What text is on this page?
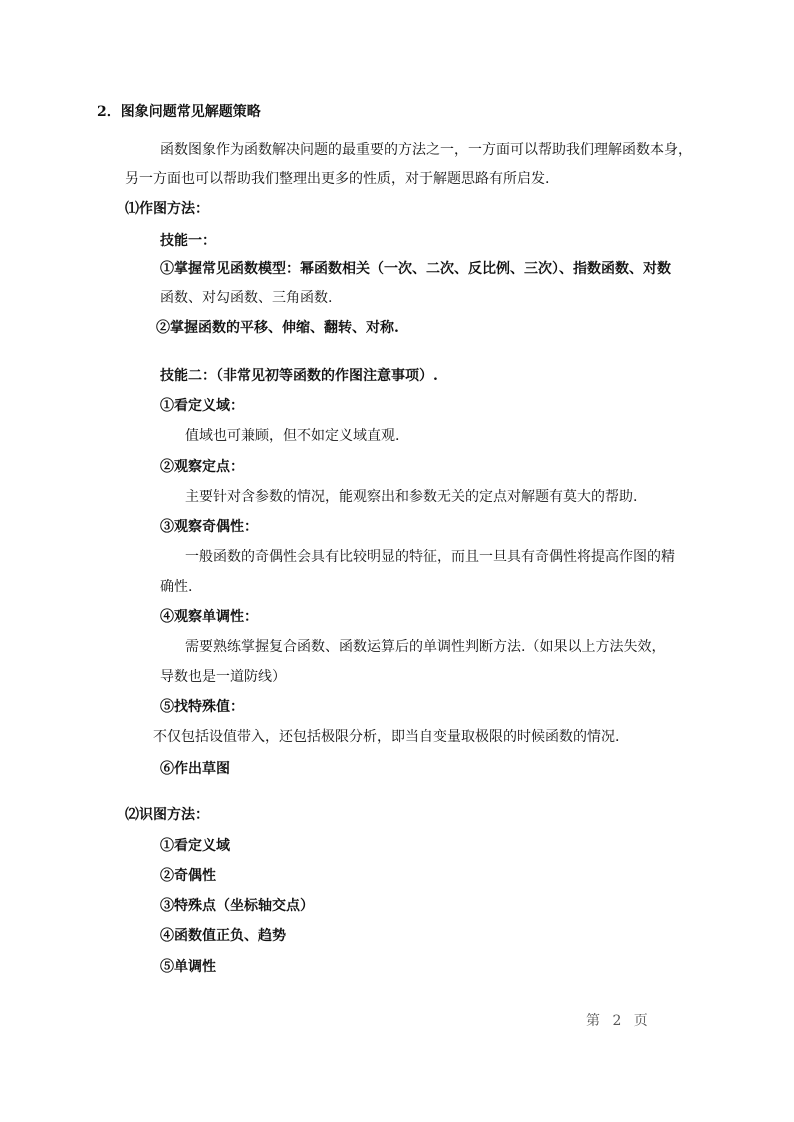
2．图象问题常见解题策略
函数图象作为函数解决问题的最重要的方法之一，一方面可以帮助我们理解函数本身，
另一方面也可以帮助我们整理出更多的性质，对于解题思路有所启发.
⑴作图方法：
技能一：
①掌握常见函数模型：幂函数相关（一次、二次、反比例、三次）、指数函数、对数
函数、对勾函数、三角函数.
②掌握函数的平移、伸缩、翻转、对称.
技能二：（非常见初等函数的作图注意事项）.
①看定义域：
值域也可兼顾，但不如定义域直观.
②观察定点：
主要针对含参数的情况，能观察出和参数无关的定点对解题有莫大的帮助.
③观察奇偶性：
一般函数的奇偶性会具有比较明显的特征，而且一旦具有奇偶性将提高作图的精
确性.
④观察单调性：
需要熟练掌握复合函数、函数运算后的单调性判断方法.（如果以上方法失效，
导数也是一道防线）
⑤找特殊值：
不仅包括设值带入，还包括极限分析，即当自变量取极限的时候函数的情况.
⑥作出草图
⑵识图方法：
①看定义域
②奇偶性
③特殊点（坐标轴交点）
④函数值正负、趋势
⑤单调性
第 2 页
